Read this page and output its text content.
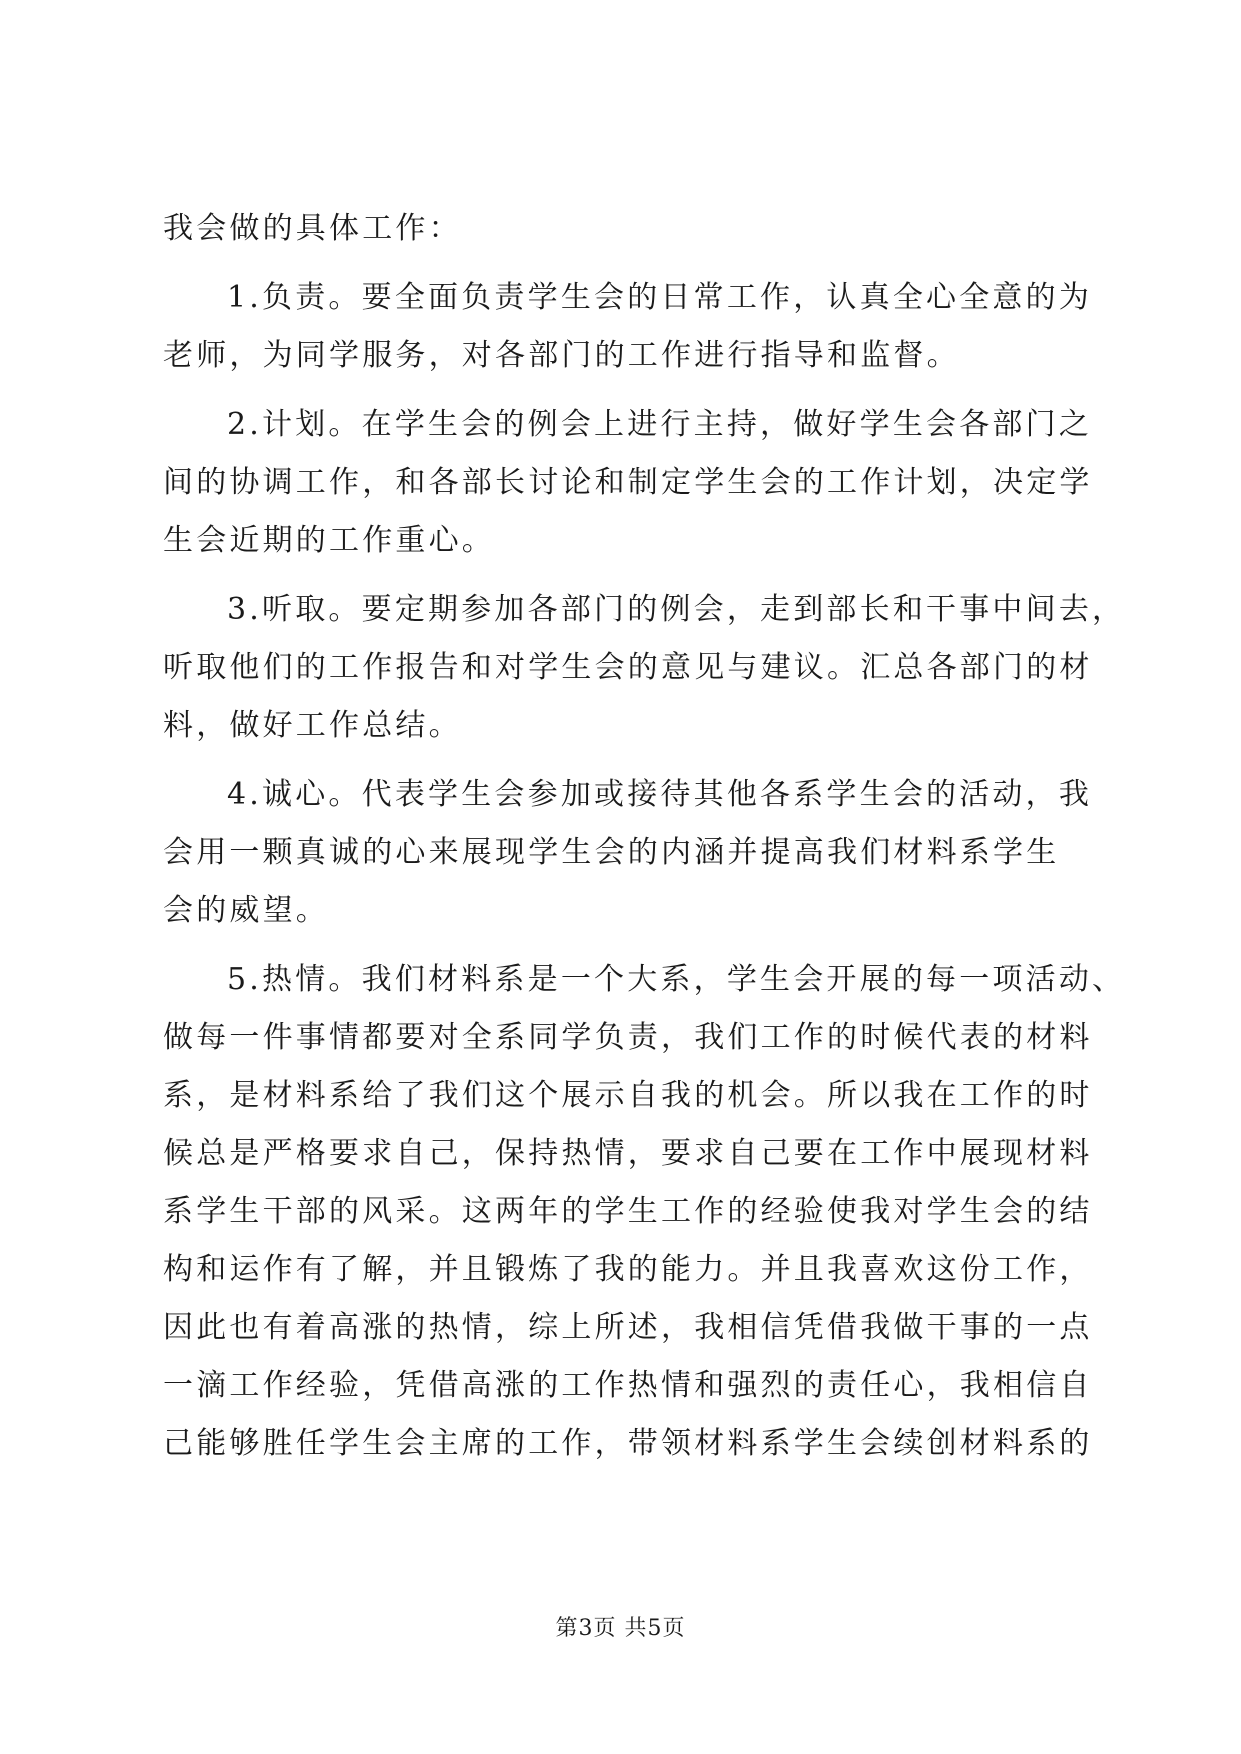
我会做的具体工作：
1.负责。要全面负责学生会的日常工作，认真全心全意的为
老师，为同学服务，对各部门的工作进行指导和监督。
2.计划。在学生会的例会上进行主持，做好学生会各部门之
间的协调工作，和各部长讨论和制定学生会的工作计划，决定学
生会近期的工作重心。
3.听取。要定期参加各部门的例会，走到部长和干事中间去，
听取他们的工作报告和对学生会的意见与建议。汇总各部门的材
料，做好工作总结。
4.诚心。代表学生会参加或接待其他各系学生会的活动，我
会用一颗真诚的心来展现学生会的内涵并提高我们材料系学生
会的威望。
5.热情。我们材料系是一个大系，学生会开展的每一项活动、
做每一件事情都要对全系同学负责，我们工作的时候代表的材料
系，是材料系给了我们这个展示自我的机会。所以我在工作的时
候总是严格要求自己，保持热情，要求自己要在工作中展现材料
系学生干部的风采。这两年的学生工作的经验使我对学生会的结
构和运作有了解，并且锻炼了我的能力。并且我喜欢这份工作，
因此也有着高涨的热情，综上所述，我相信凭借我做干事的一点
一滴工作经验，凭借高涨的工作热情和强烈的责任心，我相信自
己能够胜任学生会主席的工作，带领材料系学生会续创材料系的
第3页 共5页
